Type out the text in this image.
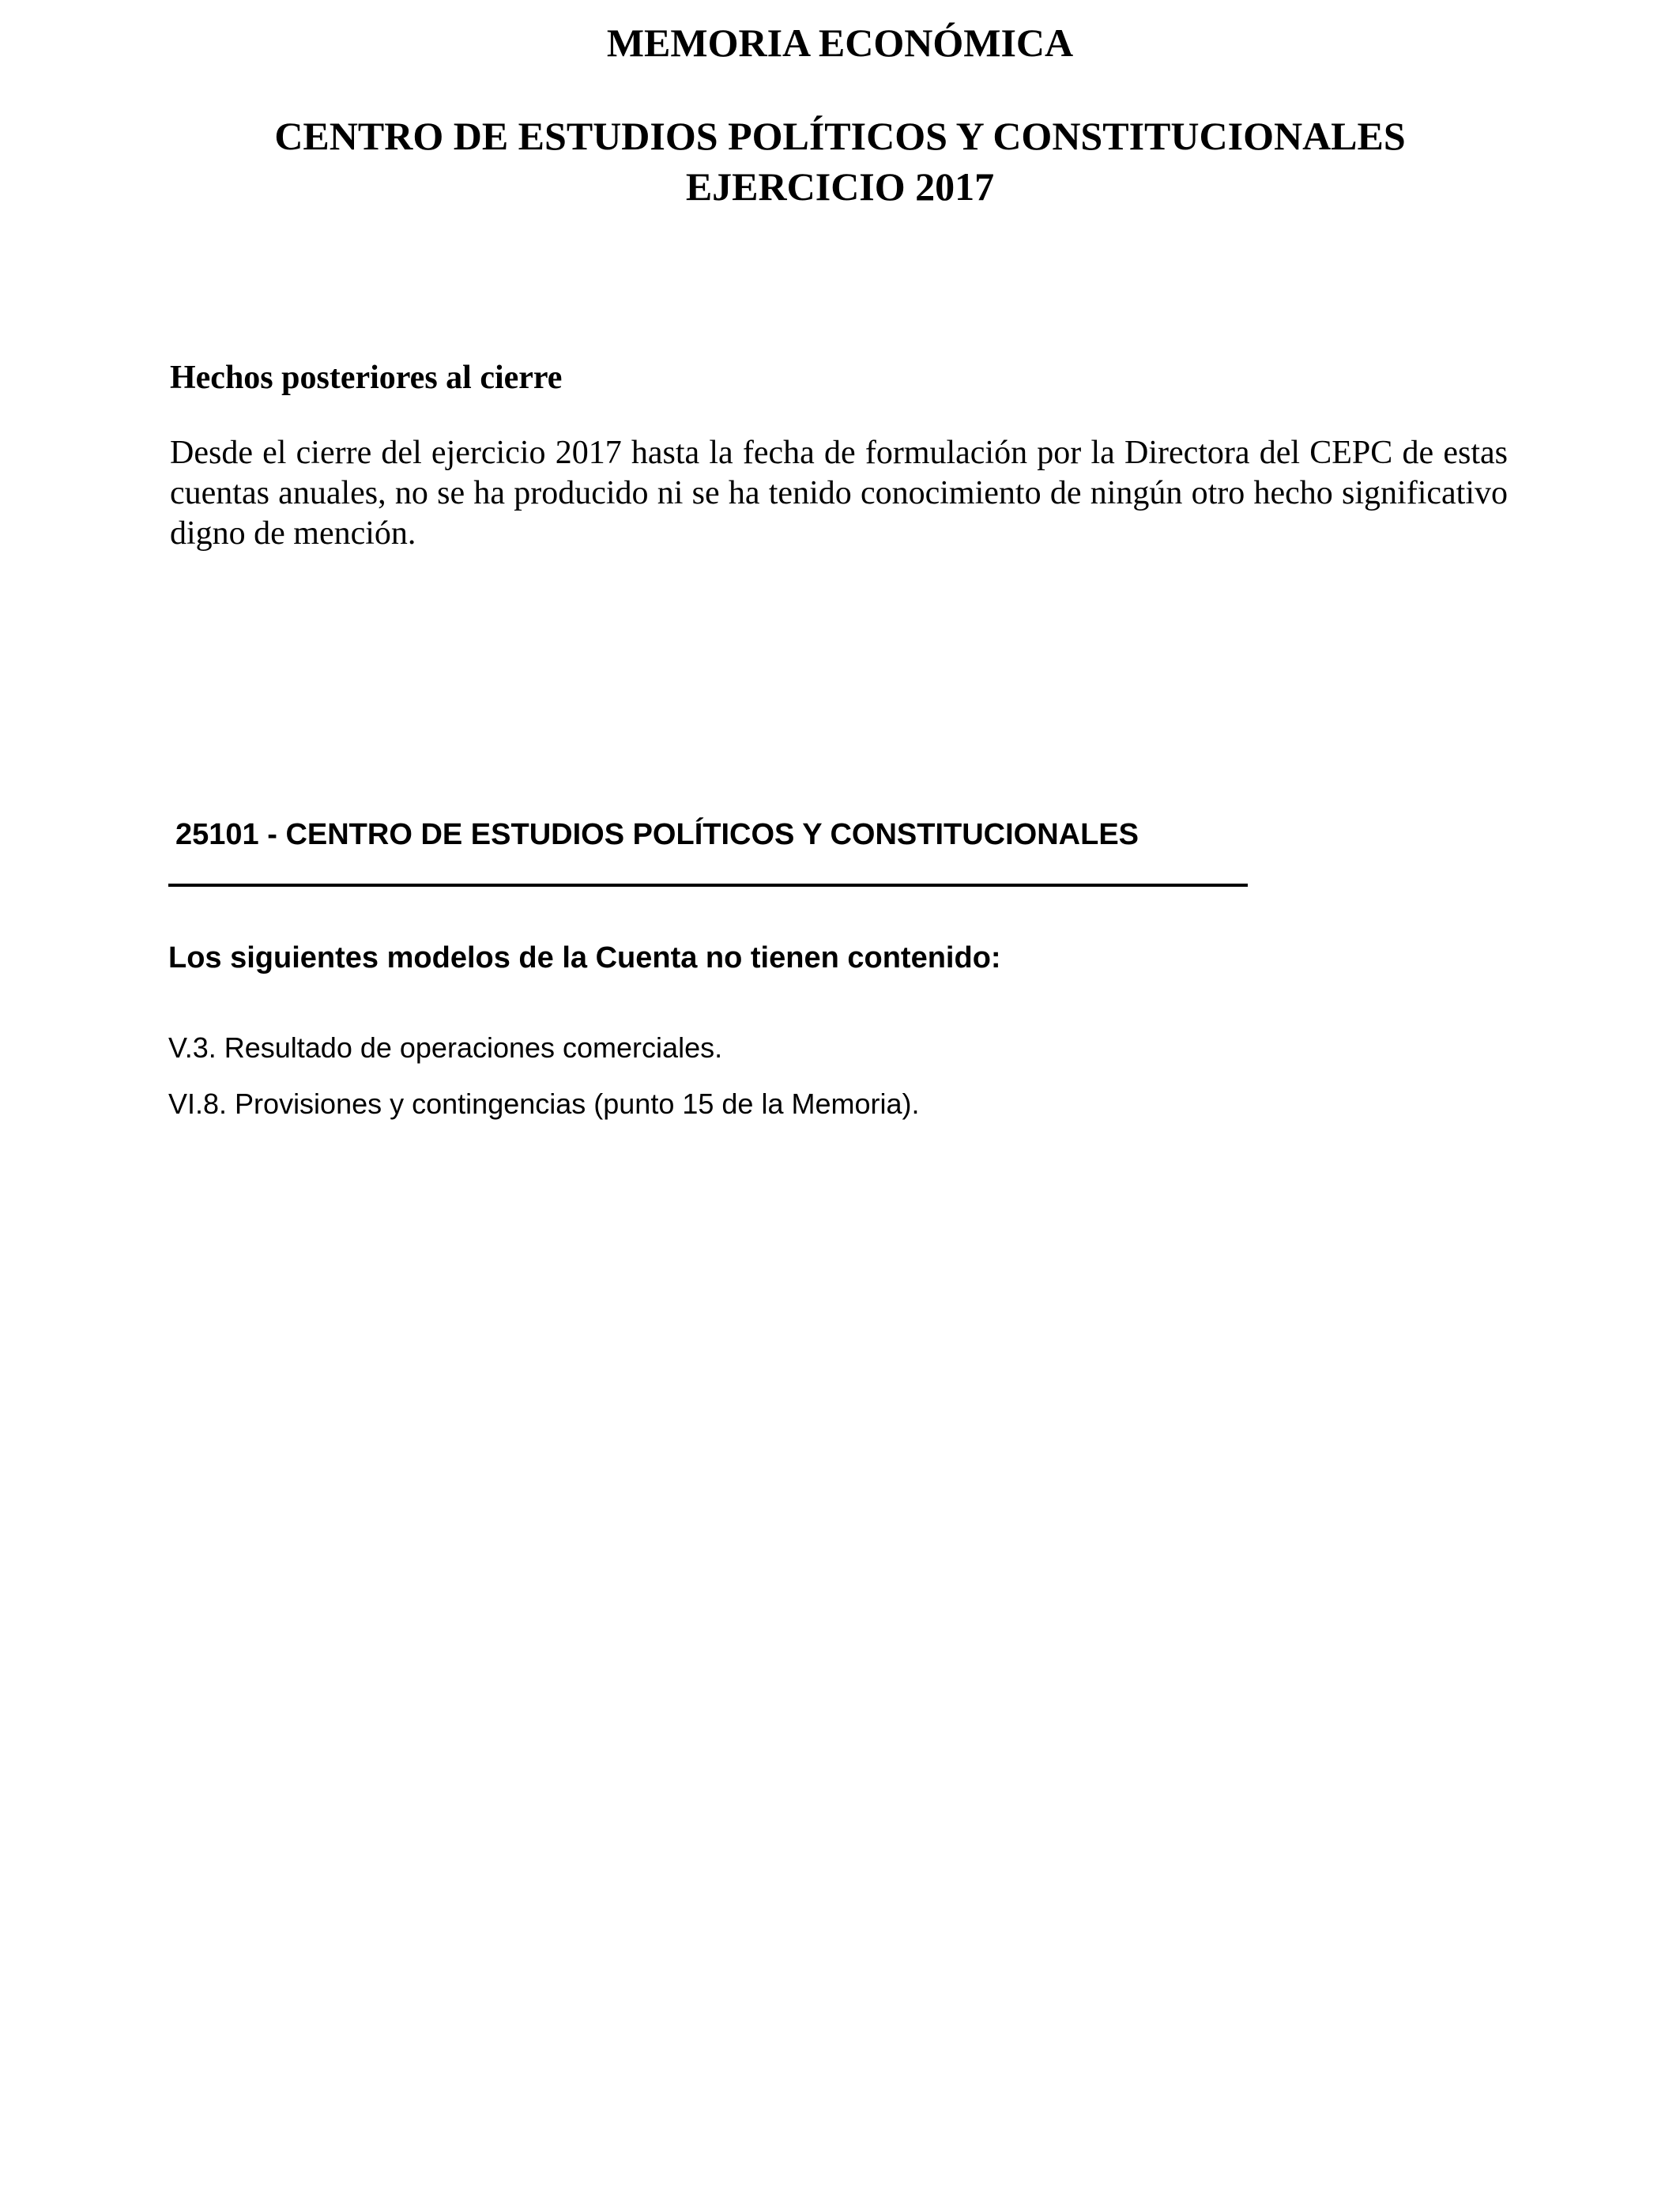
MEMORIA ECONÓMICA
CENTRO DE ESTUDIOS POLÍTICOS Y CONSTITUCIONALES
EJERCICIO 2017
Hechos posteriores al cierre

Desde el cierre del ejercicio 2017 hasta la fecha de formulación por la Directora del CEPC de estas cuentas anuales, no se ha producido ni se ha tenido conocimiento de ningún otro hecho significativo digno de mención.

25101 - CENTRO DE ESTUDIOS POLÍTICOS Y CONSTITUCIONALES
Los siguientes modelos de la Cuenta no tienen contenido:
V.3. Resultado de operaciones comerciales.
VI.8. Provisiones y contingencias (punto 15 de la Memoria).
